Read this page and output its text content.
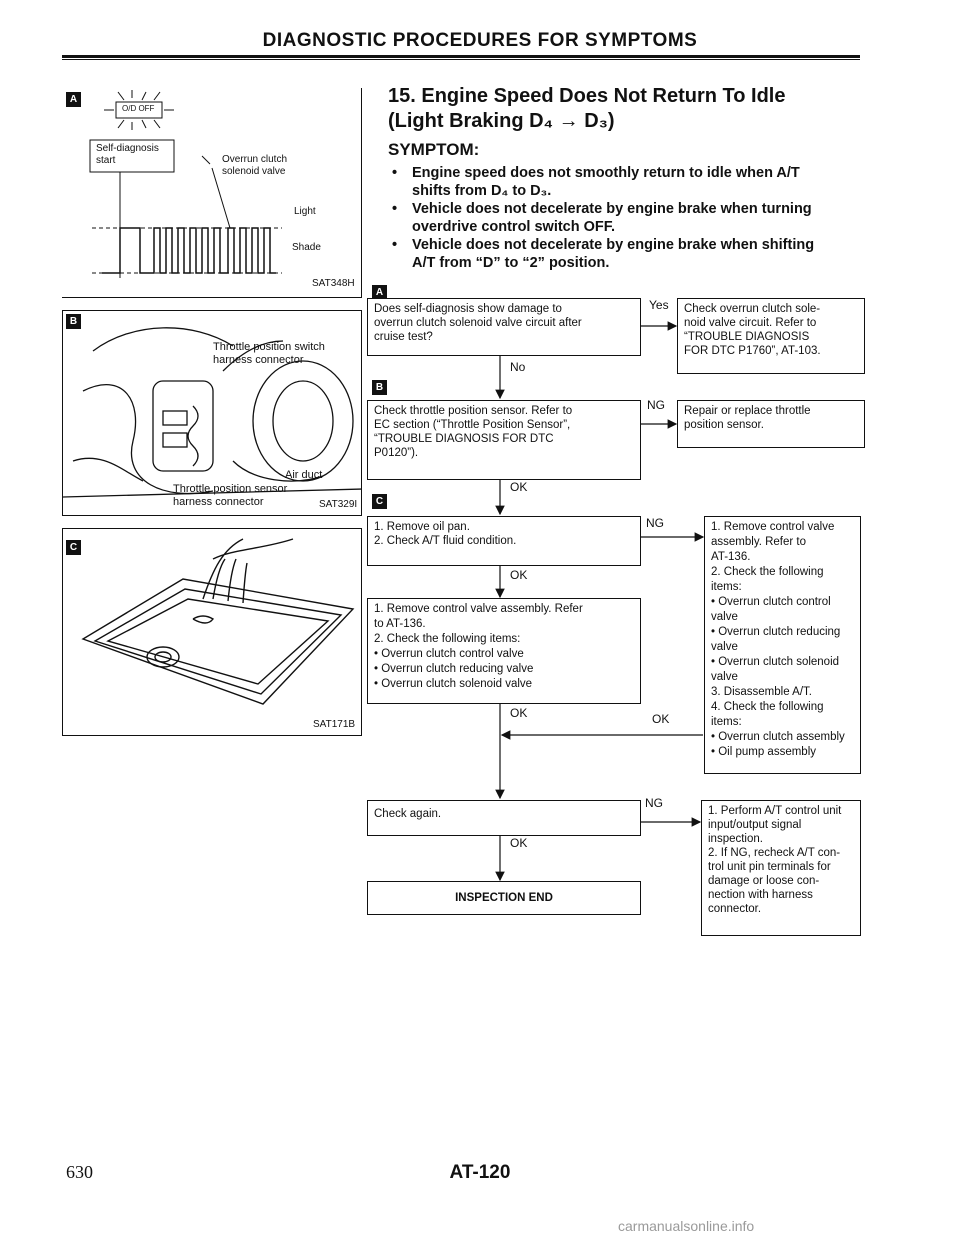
DIAGNOSTIC PROCEDURES FOR SYMPTOMS
A
O/D OFF
Self-diagnosis
start	Overrun clutch
solenoid valve
Light
Shade
SAT348H
B
Throttle position switch
harness connector
Air duct
Throttle position sensor
harness connector	SAT329I
C
SAT171B
15. Engine Speed Does Not Return To Idle
(Light Braking D₄ → D₃)
SYMPTOM:
• Engine speed does not smoothly return to idle when A/T
shifts from D₄ to D₃.
• Vehicle does not decelerate by engine brake when turning
overdrive control switch OFF.
• Vehicle does not decelerate by engine brake when shifting
A/T from “D” to “2” position.
A
B
C
Does self-diagnosis show damage to
overrun clutch solenoid valve circuit after
cruise test?
Yes Check overrun clutch sole-
noid valve circuit. Refer to
“TROUBLE DIAGNOSIS
FOR DTC P1760”, AT-103.
No
Check throttle position sensor. Refer to
EC section (“Throttle Position Sensor”,
“TROUBLE DIAGNOSIS FOR DTC
P0120”).
NG Repair or replace throttle
position sensor.
OK
1. Remove oil pan.
2. Check A/T fluid condition.
NG	1. Remove control valve
assembly. Refer to
AT-136.
2. Check the following
items:
• Overrun clutch control
valve
• Overrun clutch reducing
valve
• Overrun clutch solenoid
valve
3. Disassemble A/T.
4. Check the following
items:
• Overrun clutch assembly
• Oil pump assembly
OK
1. Remove control valve assembly. Refer
to AT-136.
2. Check the following items:
• Overrun clutch control valve
• Overrun clutch reducing valve
• Overrun clutch solenoid valve
OK	OK
Check again.
NG
1. Perform A/T control unit
input/output signal
inspection.
2. If NG, recheck A/T con-
trol unit pin terminals for
damage or loose con-
nection with harness
connector.
OK
INSPECTION END
630	AT-120
carmanualsonline.info
